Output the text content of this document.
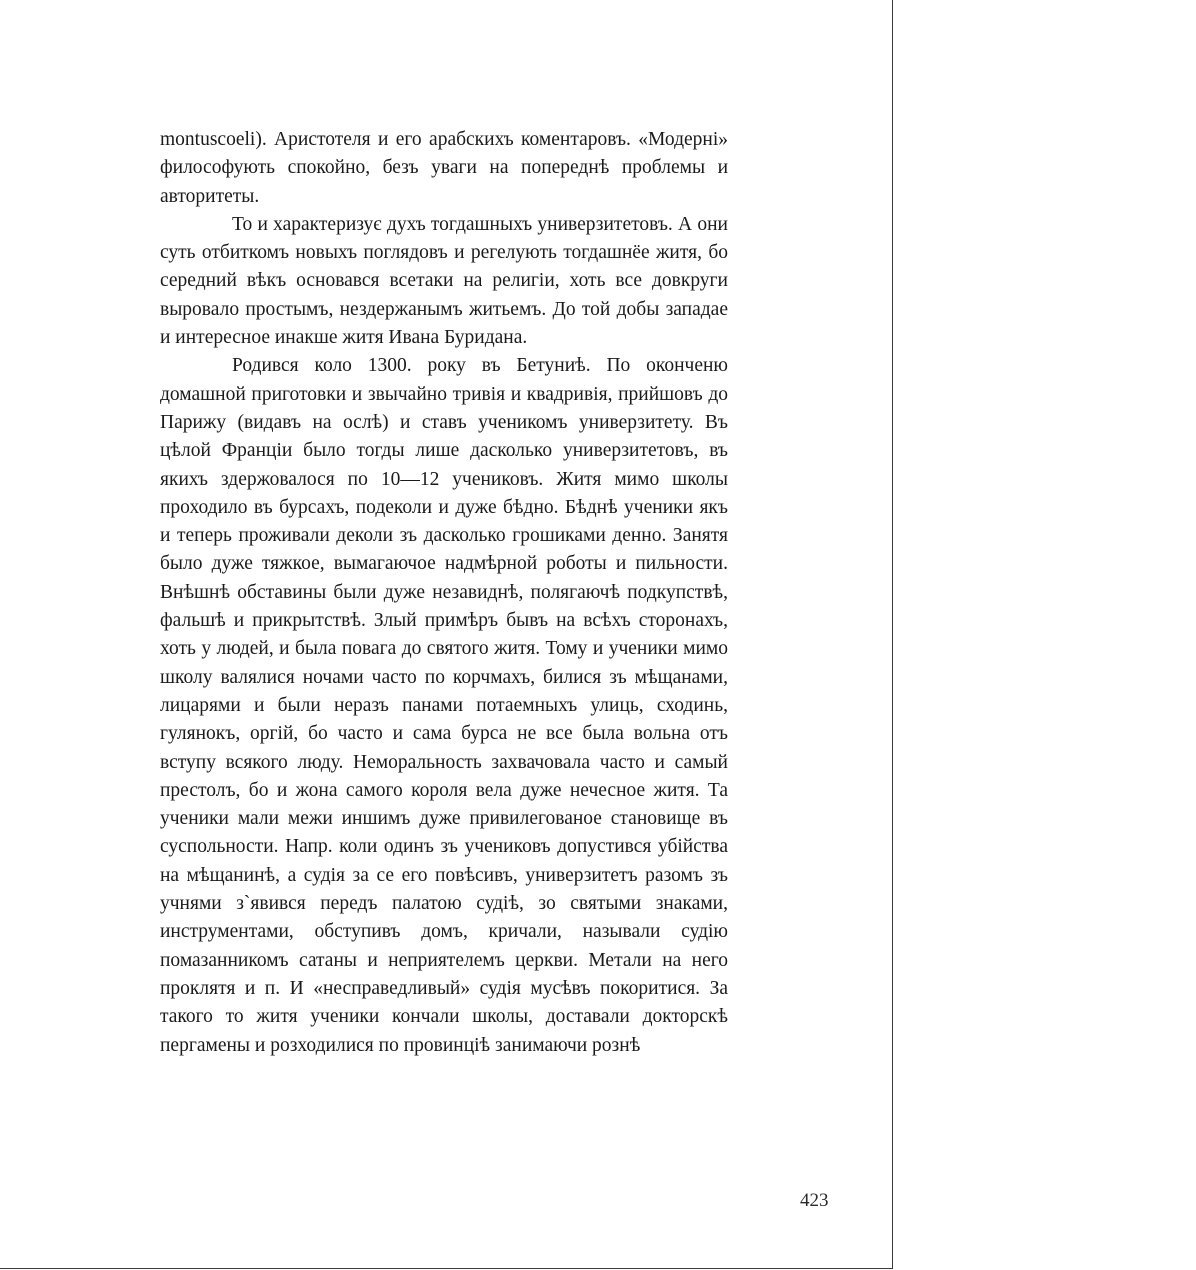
montuscoeli). Аристотеля и его арабскихъ коментаровъ. «Модерні» философують спокойно, безъ уваги на попереднѣ проблемы и авторитеты.

То и характеризує духъ тогдашныхъ универзитетовъ. А они суть отбиткомъ новыхъ поглядовъ и регелують тогдашнёе житя, бо середний вѣкъ основався всетаки на религіи, хоть все довкруги выровало простымъ, нездержанымъ житьемъ. До той добы западае и интересное инакше житя Ивана Буридана.

Родився коло 1300. року въ Бетуниѣ. По оконченю домашной приготовки и звычайно тривія и квадривія, прийшовъ до Парижу (видавъ на ослѣ) и ставъ ученикомъ универзитету. Въ цѣлой Франціи было тогды лише дасколько универзитетовъ, въ якихъ здержовалося по 10—12 учениковъ. Житя мимо школы проходило въ бурсахъ, подеколи и дуже бѣдно. Бѣднѣ ученики якъ и теперь проживали деколи зъ дасколько грошиками денно. Занятя было дуже тяжкое, вымагаючое надмѣрной роботы и пильности. Внѣшнѣ обставины были дуже незавиднѣ, полягаючѣ подкупствѣ, фальшѣ и прикрытствѣ. Злый примѣръ бывъ на всѣхъ сторонахъ, хоть у людей, и была повага до святого житя. Тому и ученики мимо школу валялися ночами часто по корчмахъ, билися зъ мѣщанами, лицарями и были неразъ панами потаемныхъ улиць, сходинь, гулянокъ, оргій, бо часто и сама бурса не все была вольна отъ вступу всякого люду. Неморальность захвачовала часто и самый престолъ, бо и жона самого короля вела дуже нечесное житя. Та ученики мали межи иншимъ дуже привилегованое становище въ суспольности. Напр. коли одинъ зъ учениковъ допустився убійства на мѣщанинѣ, а судія за се его повѣсивъ, универзитетъ разомъ зъ учнями з`явився передъ палатою судіѣ, зо святыми знаками, инструментами, обступивъ домъ, кричали, называли судію помазанникомъ сатаны и неприятелемъ церкви. Метали на него проклятя и п. И «несправедливый» судія мусѣвъ покоритися. За такого то житя ученики кончали школы, доставали докторскѣ пергамены и розходилися по провинціѣ занимаючи рознѣ

423
